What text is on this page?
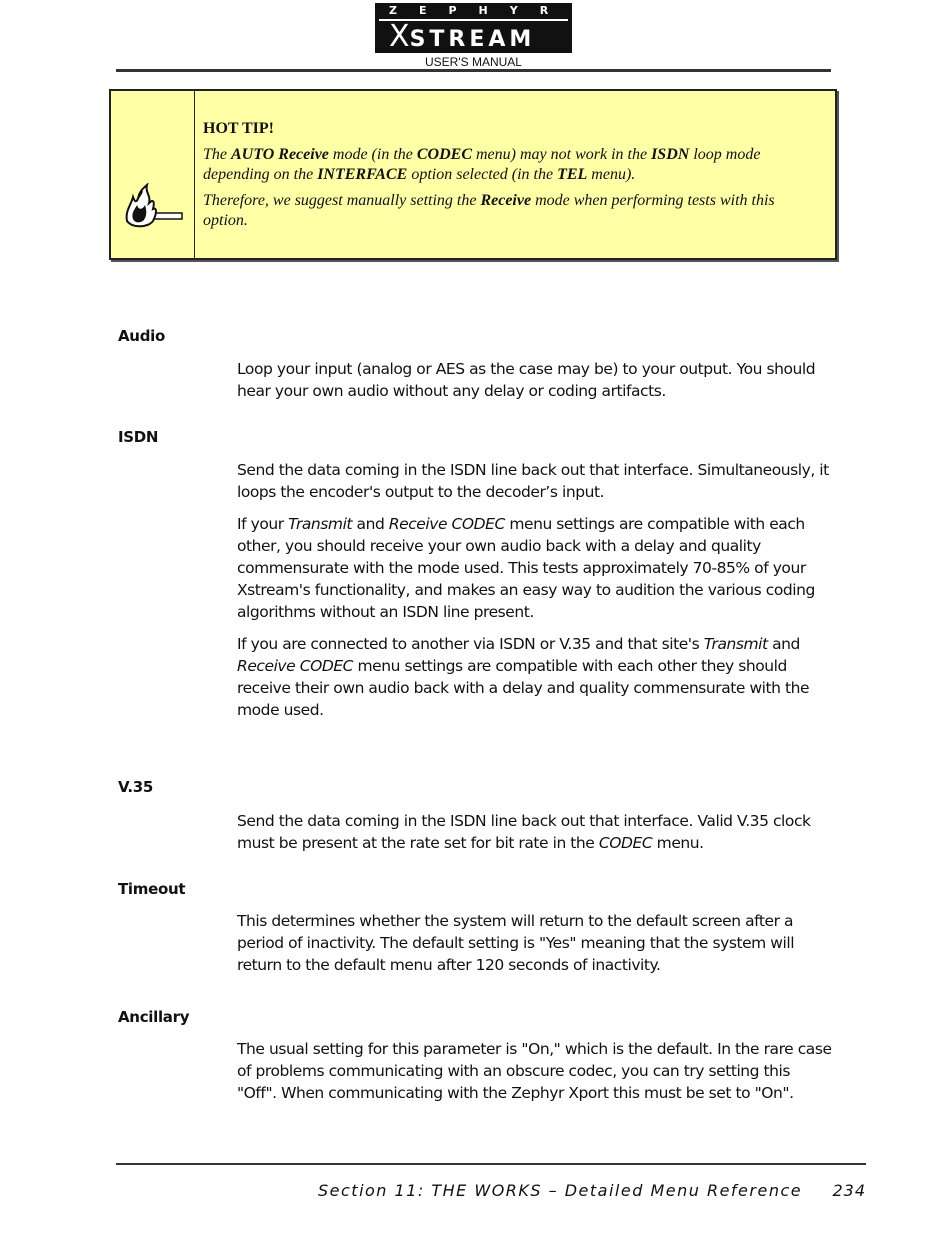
ZEPHYR
XSTREAM
USER'S MANUAL

HOT TIP!

The AUTO Receive mode (in the CODEC menu) may not work in the ISDN loop mode depending on the INTERFACE option selected (in the TEL menu).

Therefore, we suggest manually setting the Receive mode when performing tests with this option.

Audio
Loop your input (analog or AES as the case may be) to your output. You should hear your own audio without any delay or coding artifacts.
ISDN
Send the data coming in the ISDN line back out that interface. Simultaneously, it loops the encoder's output to the decoder’s input.
If your Transmit and Receive CODEC menu settings are compatible with each other, you should receive your own audio back with a delay and quality commensurate with the mode used. This tests approximately 70-85% of your Xstream's functionality, and makes an easy way to audition the various coding algorithms without an ISDN line present.
If you are connected to another via ISDN or V.35 and that site's Transmit and Receive CODEC menu settings are compatible with each other they should receive their own audio back with a delay and quality commensurate with the mode used.
V.35
Send the data coming in the ISDN line back out that interface. Valid V.35 clock must be present at the rate set for bit rate in the CODEC menu.
Timeout
This determines whether the system will return to the default screen after a period of inactivity. The default setting is "Yes" meaning that the system will return to the default menu after 120 seconds of inactivity.
Ancillary
The usual setting for this parameter is "On," which is the default. In the rare case of problems communicating with an obscure codec, you can try setting this "Off". When communicating with the Zephyr Xport this must be set to "On".
Section 11: THE WORKS – Detailed Menu Reference 234
